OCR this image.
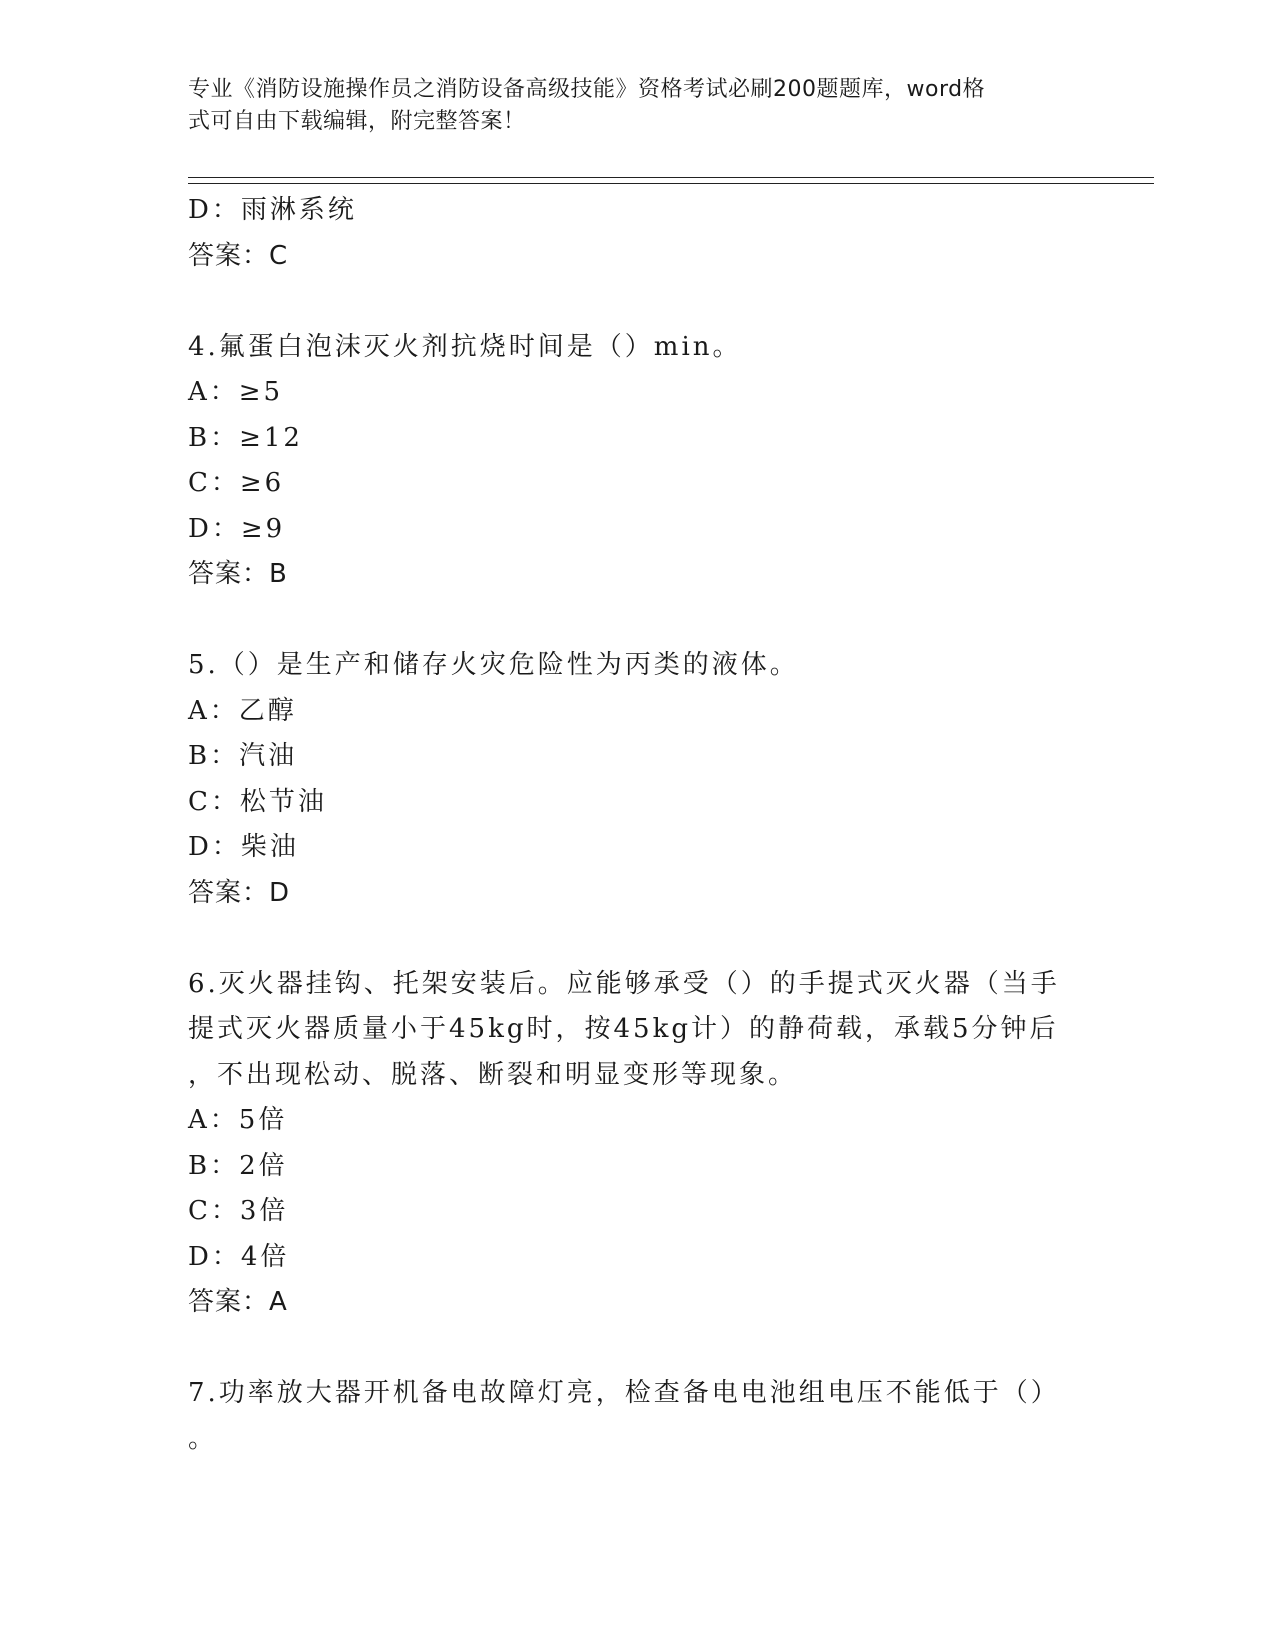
专业《消防设施操作员之消防设备高级技能》资格考试必刷200题题库，word格
式可自由下载编辑，附完整答案！
D：雨淋系统
答案：C
4.氟蛋白泡沫灭火剂抗烧时间是（）min。
A：≥5
B：≥12
C：≥6
D：≥9
答案：B
5.（）是生产和储存火灾危险性为丙类的液体。
A：乙醇
B：汽油
C：松节油
D：柴油
答案：D
6.灭火器挂钩、托架安装后。应能够承受（）的手提式灭火器（当手
提式灭火器质量小于45kg时，按45kg计）的静荷载，承载5分钟后
，不出现松动、脱落、断裂和明显变形等现象。
A：5倍
B：2倍
C：3倍
D：4倍
答案：A
7.功率放大器开机备电故障灯亮，检查备电电池组电压不能低于（）
。
